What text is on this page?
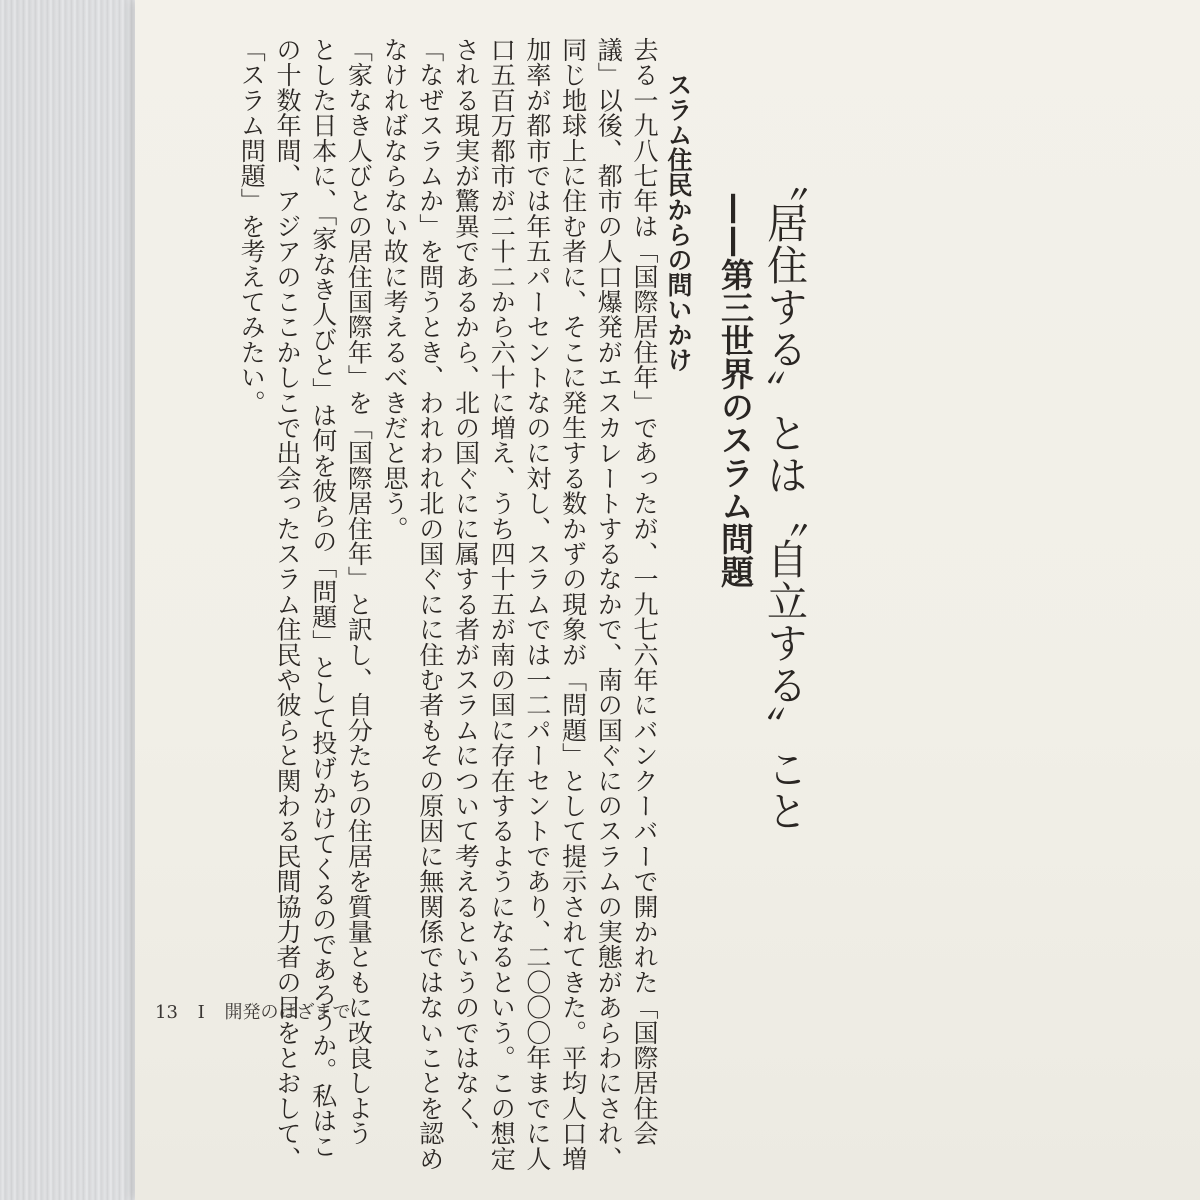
〝居住する〟とは〝自立する〟こと
——第三世界のスラム問題
スラム住民からの問いかけ
去る一九八七年は「国際居住年」であったが、一九七六年にバンクーバーで開かれた「国際居住会
議」以後、都市の人口爆発がエスカレートするなかで、南の国ぐにのスラムの実態があらわにされ、
同じ地球上に住む者に、そこに発生する数かずの現象が「問題」として提示されてきた。平均人口増
加率が都市では年五パーセントなのに対し、スラムでは一二パーセントであり、二〇〇〇年までに人
口五百万都市が二十二から六十に増え、うち四十五が南の国に存在するようになるという。この想定
される現実が驚異であるから、北の国ぐにに属する者がスラムについて考えるというのではなく、
「なぜスラムか」を問うとき、われわれ北の国ぐにに住む者もその原因に無関係ではないことを認め
なければならない故に考えるべきだと思う。
「家なき人びとの居住国際年」を「国際居住年」と訳し、自分たちの住居を質量ともに改良しよう
とした日本に、「家なき人びと」は何を彼らの「問題」として投げかけてくるのであろうか。私はこ
の十数年間、アジアのここかしこで出会ったスラム住民や彼らと関わる民間協力者の目をとおして、
「スラム問題」を考えてみたい。
13 I 開発のはざまで
